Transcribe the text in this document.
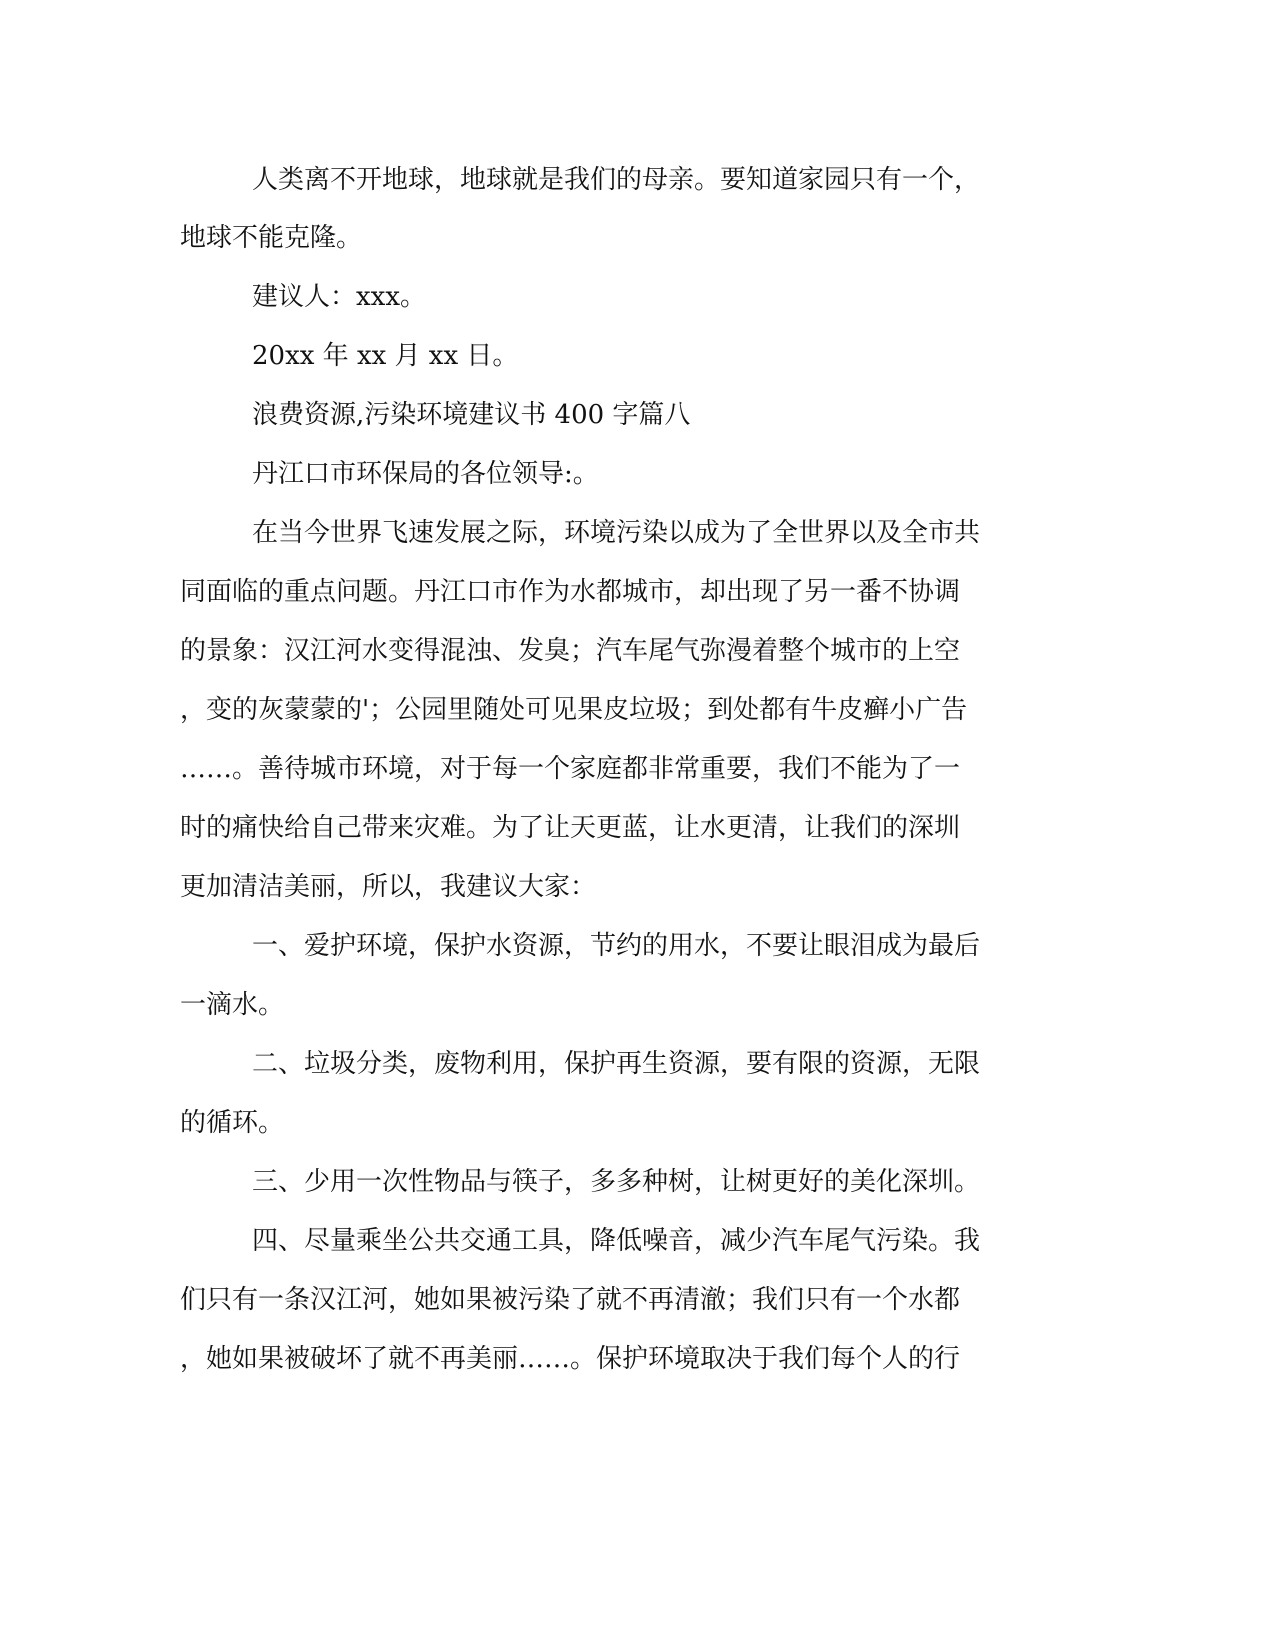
人类离不开地球，地球就是我们的母亲。要知道家园只有一个，
地球不能克隆。
建议人：xxx。
20xx 年 xx 月 xx 日。
浪费资源,污染环境建议书 400 字篇八
丹江口市环保局的各位领导:。
在当今世界飞速发展之际，环境污染以成为了全世界以及全市共
同面临的重点问题。丹江口市作为水都城市，却出现了另一番不协调
的景象：汉江河水变得混浊、发臭；汽车尾气弥漫着整个城市的上空
，变的灰蒙蒙的'；公园里随处可见果皮垃圾；到处都有牛皮癣小广告
……。善待城市环境，对于每一个家庭都非常重要，我们不能为了一
时的痛快给自己带来灾难。为了让天更蓝，让水更清，让我们的深圳
更加清洁美丽，所以，我建议大家：
一、爱护环境，保护水资源，节约的用水，不要让眼泪成为最后
一滴水。
二、垃圾分类，废物利用，保护再生资源，要有限的资源，无限
的循环。
三、少用一次性物品与筷子，多多种树，让树更好的美化深圳。
四、尽量乘坐公共交通工具，降低噪音，减少汽车尾气污染。我
们只有一条汉江河，她如果被污染了就不再清澈；我们只有一个水都
，她如果被破坏了就不再美丽……。保护环境取决于我们每个人的行
